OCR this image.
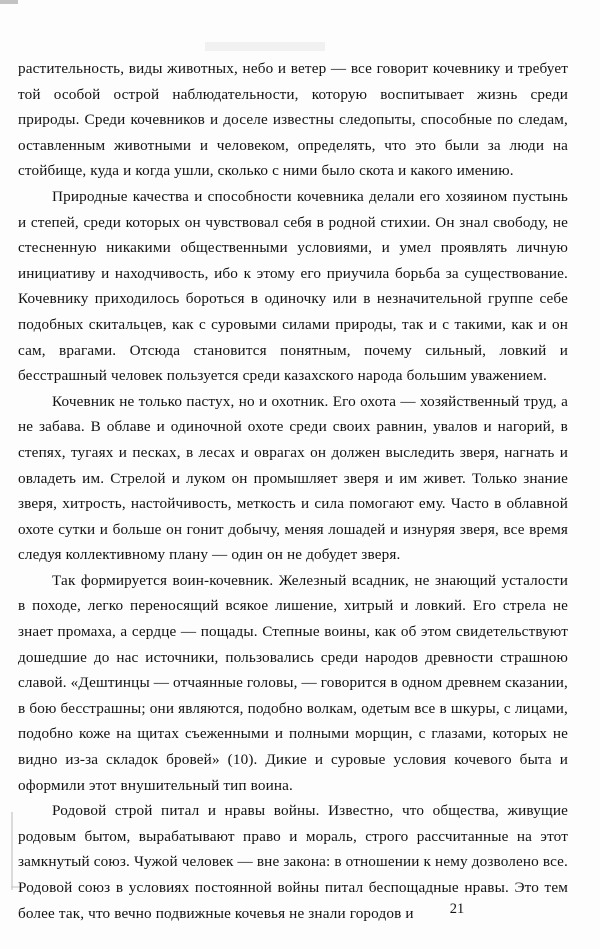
растительность, виды животных, небо и ветер — все говорит кочевнику и требует той особой острой наблюдательности, которую воспитывает жизнь среди природы. Среди кочевников и доселе известны следопыты, способные по следам, оставленным животными и человеком, определять, что это были за люди на стойбище, куда и когда ушли, сколько с ними было скота и какого имению.

Природные качества и способности кочевника делали его хозяином пустынь и степей, среди которых он чувствовал себя в родной стихии. Он знал свободу, не стесненную никакими общественными условиями, и умел проявлять личную инициативу и находчивость, ибо к этому его приучила борьба за существование. Кочевнику приходилось бороться в одиночку или в незначительной группе себе подобных скитальцев, как с суровыми силами природы, так и с такими, как и он сам, врагами. Отсюда становится понятным, почему сильный, ловкий и бесстрашный человек пользуется среди казахского народа большим уважением.

Кочевник не только пастух, но и охотник. Его охота — хозяйственный труд, а не забава. В облаве и одиночной охоте среди своих равнин, увалов и нагорий, в степях, тугаях и песках, в лесах и оврагах он должен выследить зверя, нагнать и овладеть им. Стрелой и луком он промышляет зверя и им живет. Только знание зверя, хитрость, настойчивость, меткость и сила помогают ему. Часто в облавной охоте сутки и больше он гонит добычу, меняя лошадей и изнуряя зверя, все время следуя коллективному плану — один он не добудет зверя.

Так формируется воин-кочевник. Железный всадник, не знающий усталости в походе, легко переносящий всякое лишение, хитрый и ловкий. Его стрела не знает промаха, а сердце — пощады. Степные воины, как об этом свидетельствуют дошедшие до нас источники, пользовались среди народов древности страшною славой. «Дештинцы — отчаянные головы, — говорится в одном древнем сказании, в бою бесстрашны; они являются, подобно волкам, одетым все в шкуры, с лицами, подобно коже на щитах съеженными и полными морщин, с глазами, которых не видно из-за складок бровей» (10). Дикие и суровые условия кочевого быта и оформили этот внушительный тип воина.

Родовой строй питал и нравы войны. Известно, что общества, живущие родовым бытом, вырабатывают право и мораль, строго рассчитанные на этот замкнутый союз. Чужой человек — вне закона: в отношении к нему дозволено все. Родовой союз в условиях постоянной войны питал беспощадные нравы. Это тем более так, что вечно подвижные кочевья не знали городов и	21
